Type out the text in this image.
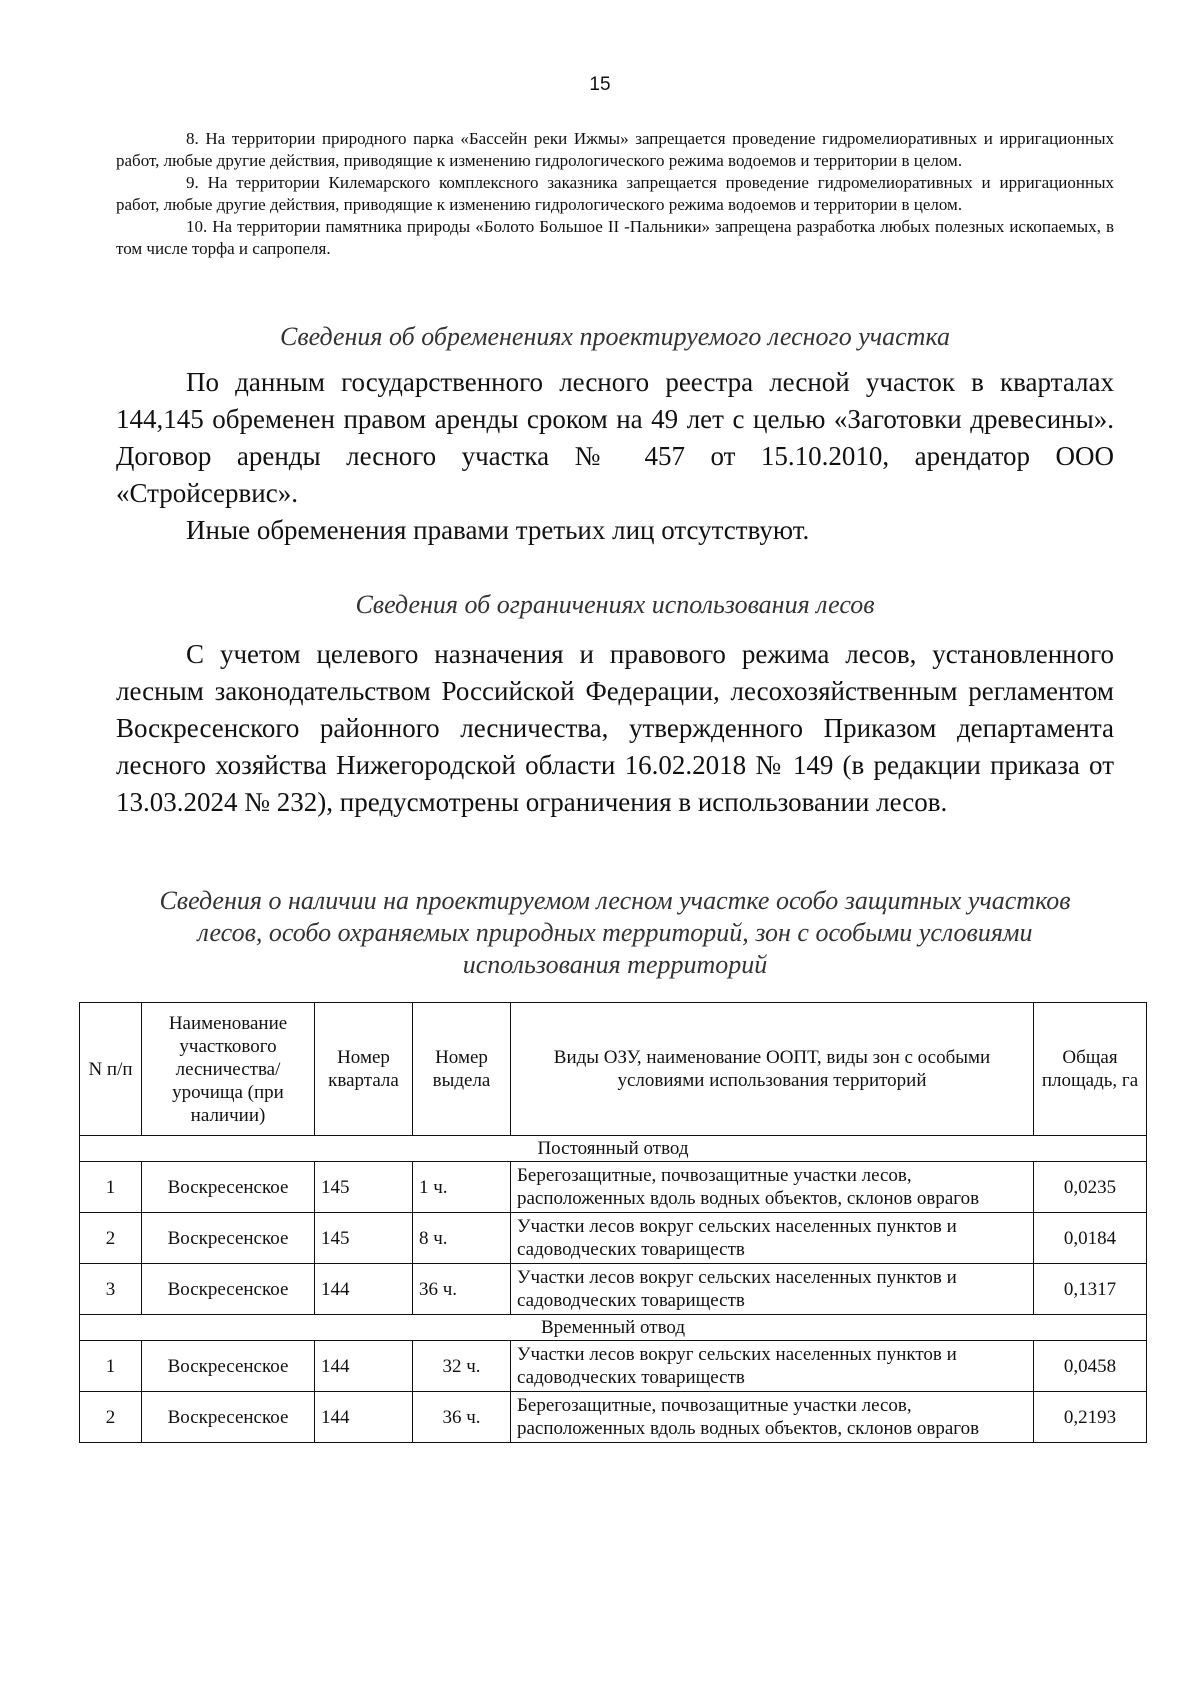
15

8. На территории природного парка «Бассейн реки Ижмы» запрещается проведение гидромелиоративных и ирригационных работ, любые другие действия, приводящие к изменению гидрологического режима водоемов и территории в целом.

9. На территории Килемарского комплексного заказника запрещается проведение гидромелиоративных и ирригационных работ, любые другие действия, приводящие к изменению гидрологического режима водоемов и территории в целом.

10. На территории памятника природы «Болото Большое II -Пальники» запрещена разработка любых полезных ископаемых, в том числе торфа и сапропеля.

Сведения об обременениях проектируемого лесного участка

По данным государственного лесного реестра лесной участок в кварталах 144,145 обременен правом аренды сроком на 49 лет с целью «Заготовки древесины». Договор аренды лесного участка № 457 от 15.10.2010, арендатор ООО «Стройсервис».

Иные обременения правами третьих лиц отсутствуют.

Сведения об ограничениях использования лесов

С учетом целевого назначения и правового режима лесов, установленного лесным законодательством Российской Федерации, лесохозяйственным регламентом Воскресенского районного лесничества, утвержденного Приказом департамента лесного хозяйства Нижегородской области 16.02.2018 № 149 (в редакции приказа от 13.03.2024 № 232), предусмотрены ограничения в использовании лесов.

Сведения о наличии на проектируемом лесном участке особо защитных участков
лесов, особо охраняемых природных территорий, зон с особыми условиями
использования территорий
N п/п	Наименование участкового лесничества/урочища (при наличии)	Номер квартала	Номер выдела	Виды ОЗУ, наименование ООПТ, виды зон с особыми условиями использования территорий	Общая площадь, га
Постоянный отвод					
1	Воскресенское	145	1 ч.	Берегозащитные, почвозащитные участки лесов, расположенных вдоль водных объектов, склонов оврагов	0,0235
2	Воскресенское	145	8 ч.	Участки лесов вокруг сельских населенных пунктов и садоводческих товариществ	0,0184
3	Воскресенское	144	36 ч.	Участки лесов вокруг сельских населенных пунктов и садоводческих товариществ	0,1317
Временный отвод					
1	Воскресенское	144	32 ч.	Участки лесов вокруг сельских населенных пунктов и садоводческих товариществ	0,0458
2	Воскресенское	144	36 ч.	Берегозащитные, почвозащитные участки лесов, расположенных вдоль водных объектов, склонов оврагов	0,2193
